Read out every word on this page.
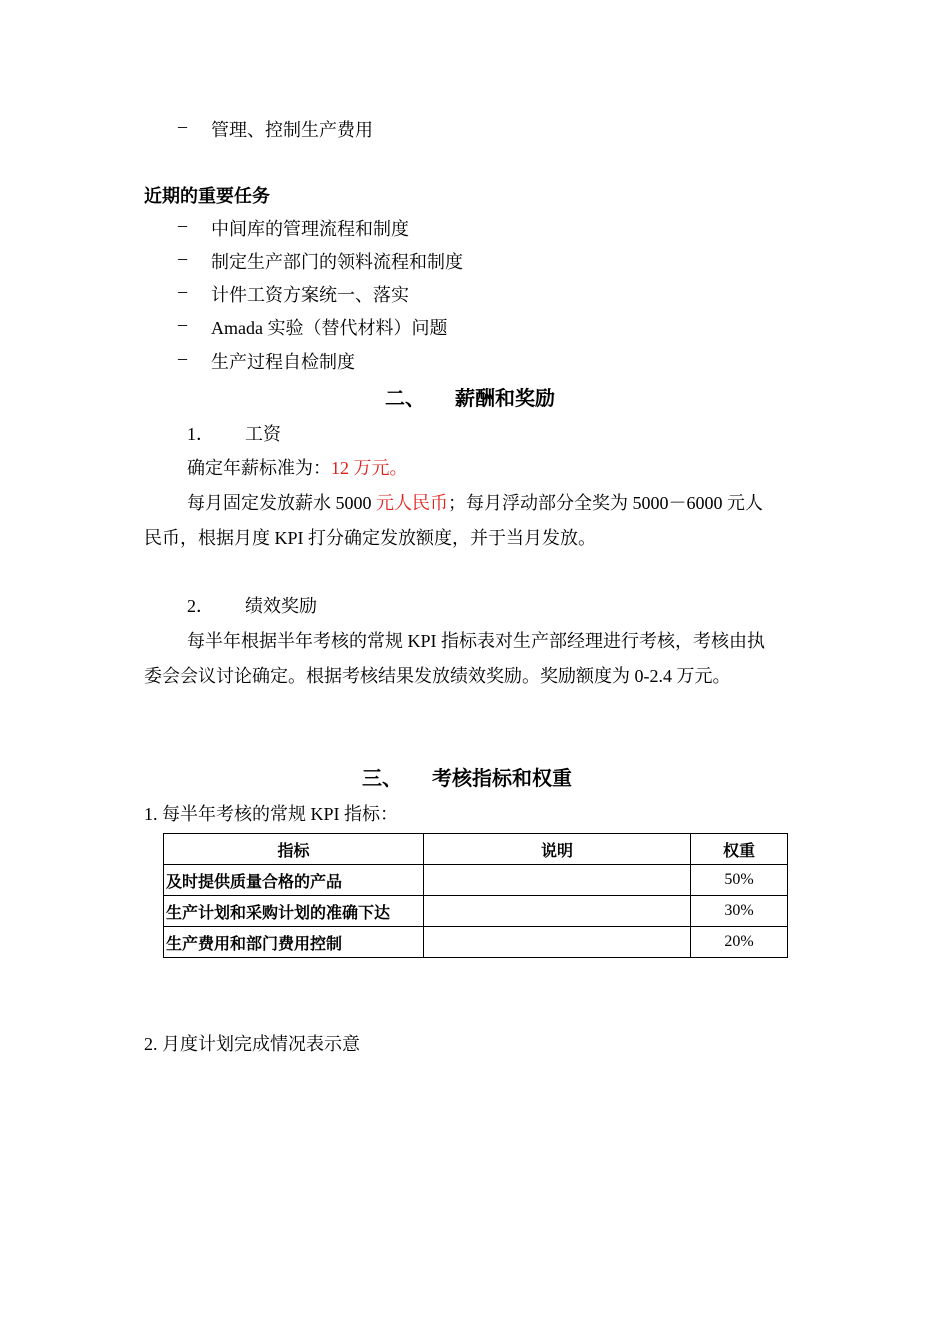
– 管理、控制生产费用
近期的重要任务
– 中间库的管理流程和制度
– 制定生产部门的领料流程和制度
– 计件工资方案统一、落实
– Amada 实验（替代材料）问题
– 生产过程自检制度
二、 薪酬和奖励
1． 工资
确定年薪标准为：12 万元。
每月固定发放薪水 5000 元人民币；每月浮动部分全奖为 5000－6000 元人
民币，根据月度 KPI 打分确定发放额度，并于当月发放。
2． 绩效奖励
每半年根据半年考核的常规 KPI 指标表对生产部经理进行考核，考核由执
委会会议讨论确定。根据考核结果发放绩效奖励。奖励额度为 0-2.4 万元。
三、 考核指标和权重
1. 每半年考核的常规 KPI 指标：
指标	说明	权重
及时提供质量合格的产品		50%
生产计划和采购计划的准确下达		30%
生产费用和部门费用控制		20%
2. 月度计划完成情况表示意
